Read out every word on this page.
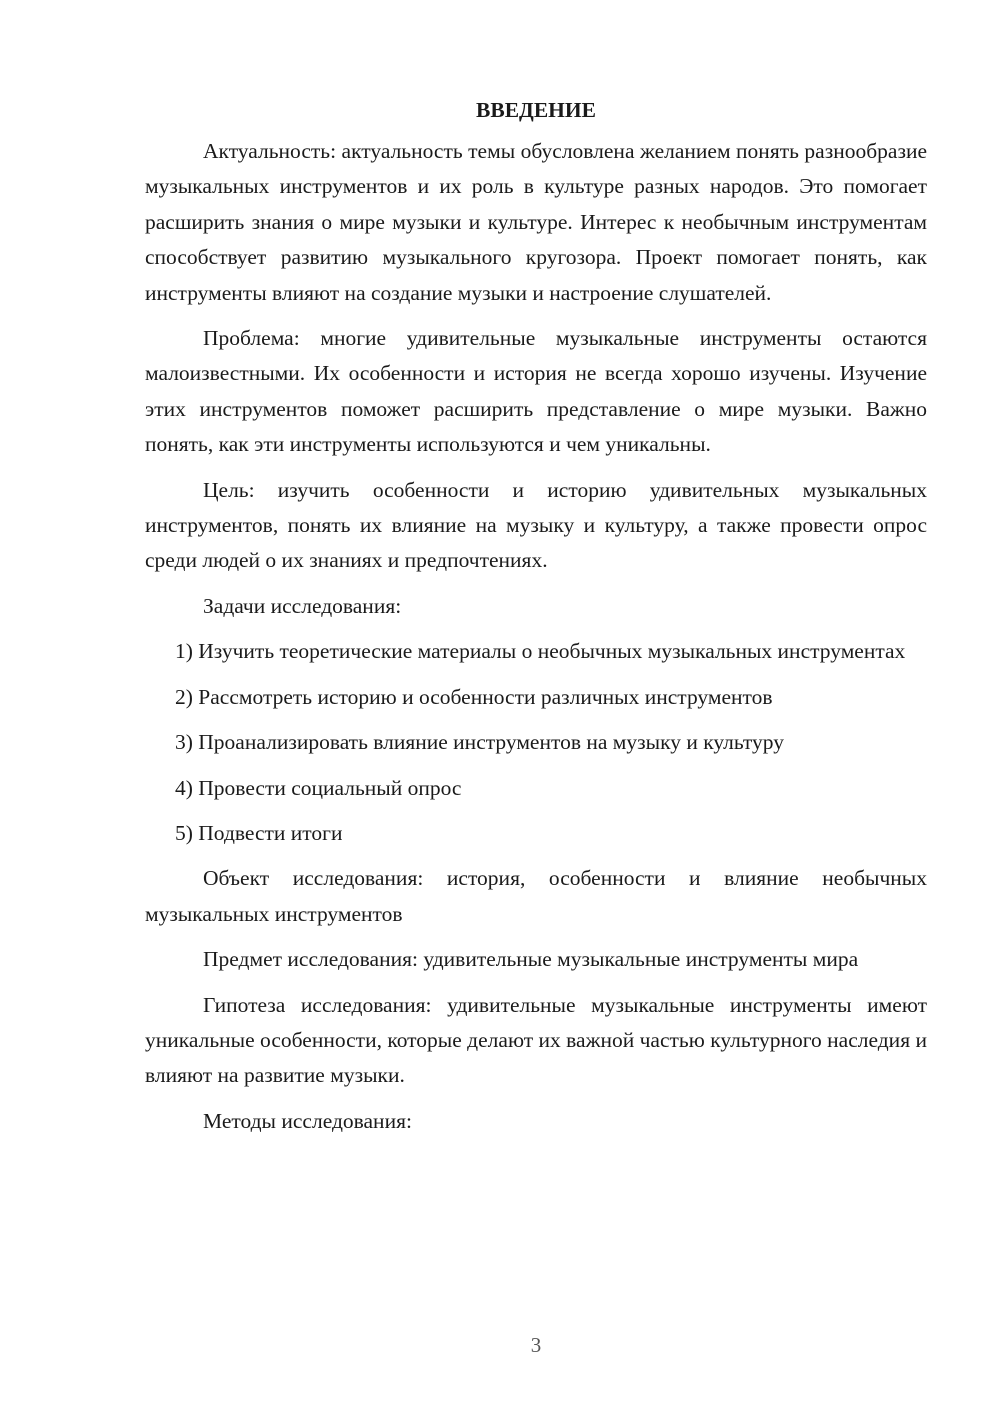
ВВЕДЕНИЕ

Актуальность: актуальность темы обусловлена желанием понять разнообразие музыкальных инструментов и их роль в культуре разных народов. Это помогает расширить знания о мире музыки и культуре. Интерес к необычным инструментам способствует развитию музыкального кругозора. Проект помогает понять, как инструменты влияют на создание музыки и настроение слушателей.

Проблема: многие удивительные музыкальные инструменты остаются малоизвестными. Их особенности и история не всегда хорошо изучены. Изучение этих инструментов поможет расширить представление о мире музыки. Важно понять, как эти инструменты используются и чем уникальны.

Цель: изучить особенности и историю удивительных музыкальных инструментов, понять их влияние на музыку и культуру, а также провести опрос среди людей о их знаниях и предпочтениях.

Задачи исследования:

1) Изучить теоретические материалы о необычных музыкальных инструментах

2) Рассмотреть историю и особенности различных инструментов

3) Проанализировать влияние инструментов на музыку и культуру

4) Провести социальный опрос

5) Подвести итоги

Объект исследования: история, особенности и влияние необычных музыкальных инструментов

Предмет исследования: удивительные музыкальные инструменты мира

Гипотеза исследования: удивительные музыкальные инструменты имеют уникальные особенности, которые делают их важной частью культурного наследия и влияют на развитие музыки.

Методы исследования:

3
